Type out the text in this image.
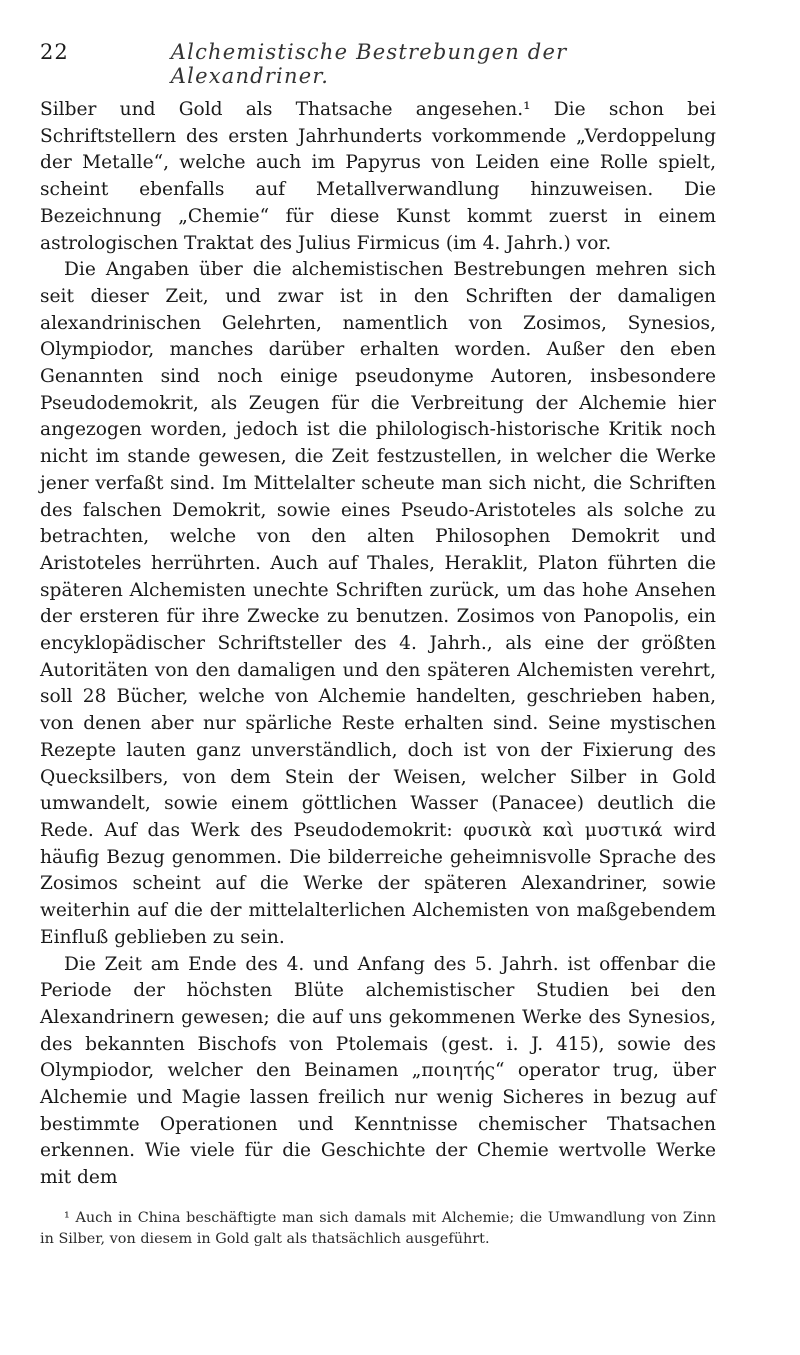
22	Alchemistische Bestrebungen der Alexandriner.

Silber und Gold als Thatsache angesehen.¹ Die schon bei Schriftstellern des ersten Jahrhunderts vorkommende „Verdoppelung der Metalle“, welche auch im Papyrus von Leiden eine Rolle spielt, scheint ebenfalls auf Metallverwandlung hinzuweisen. Die Bezeichnung „Chemie“ für diese Kunst kommt zuerst in einem astrologischen Traktat des Julius Firmicus (im 4. Jahrh.) vor.

Die Angaben über die alchemistischen Bestrebungen mehren sich seit dieser Zeit, und zwar ist in den Schriften der damaligen alexandrinischen Gelehrten, namentlich von Zosimos, Synesios, Olympiodor, manches darüber erhalten worden. Außer den eben Genannten sind noch einige pseudonyme Autoren, insbesondere Pseudodemokrit, als Zeugen für die Verbreitung der Alchemie hier angezogen worden, jedoch ist die philologisch-historische Kritik noch nicht im stande gewesen, die Zeit festzustellen, in welcher die Werke jener verfaßt sind. Im Mittelalter scheute man sich nicht, die Schriften des falschen Demokrit, sowie eines Pseudo-Aristoteles als solche zu betrachten, welche von den alten Philosophen Demokrit und Aristoteles herrührten. Auch auf Thales, Heraklit, Platon führten die späteren Alchemisten unechte Schriften zurück, um das hohe Ansehen der ersteren für ihre Zwecke zu benutzen. Zosimos von Panopolis, ein encyklopädischer Schriftsteller des 4. Jahrh., als eine der größten Autoritäten von den damaligen und den späteren Alchemisten verehrt, soll 28 Bücher, welche von Alchemie handelten, geschrieben haben, von denen aber nur spärliche Reste erhalten sind. Seine mystischen Rezepte lauten ganz unverständlich, doch ist von der Fixierung des Quecksilbers, von dem Stein der Weisen, welcher Silber in Gold umwandelt, sowie einem göttlichen Wasser (Panacee) deutlich die Rede. Auf das Werk des Pseudodemokrit: φυσικὰ καὶ μυστικά wird häufig Bezug genommen. Die bilderreiche geheimnisvolle Sprache des Zosimos scheint auf die Werke der späteren Alexandriner, sowie weiterhin auf die der mittelalterlichen Alchemisten von maßgebendem Einfluß geblieben zu sein.

Die Zeit am Ende des 4. und Anfang des 5. Jahrh. ist offenbar die Periode der höchsten Blüte alchemistischer Studien bei den Alexandrinern gewesen; die auf uns gekommenen Werke des Synesios, des bekannten Bischofs von Ptolemais (gest. i. J. 415), sowie des Olympiodor, welcher den Beinamen „ποιητής“ operator trug, über Alchemie und Magie lassen freilich nur wenig Sicheres in bezug auf bestimmte Operationen und Kenntnisse chemischer Thatsachen erkennen. Wie viele für die Geschichte der Chemie wertvolle Werke mit dem

¹ Auch in China beschäftigte man sich damals mit Alchemie; die Umwandlung von Zinn in Silber, von diesem in Gold galt als thatsächlich ausgeführt.
